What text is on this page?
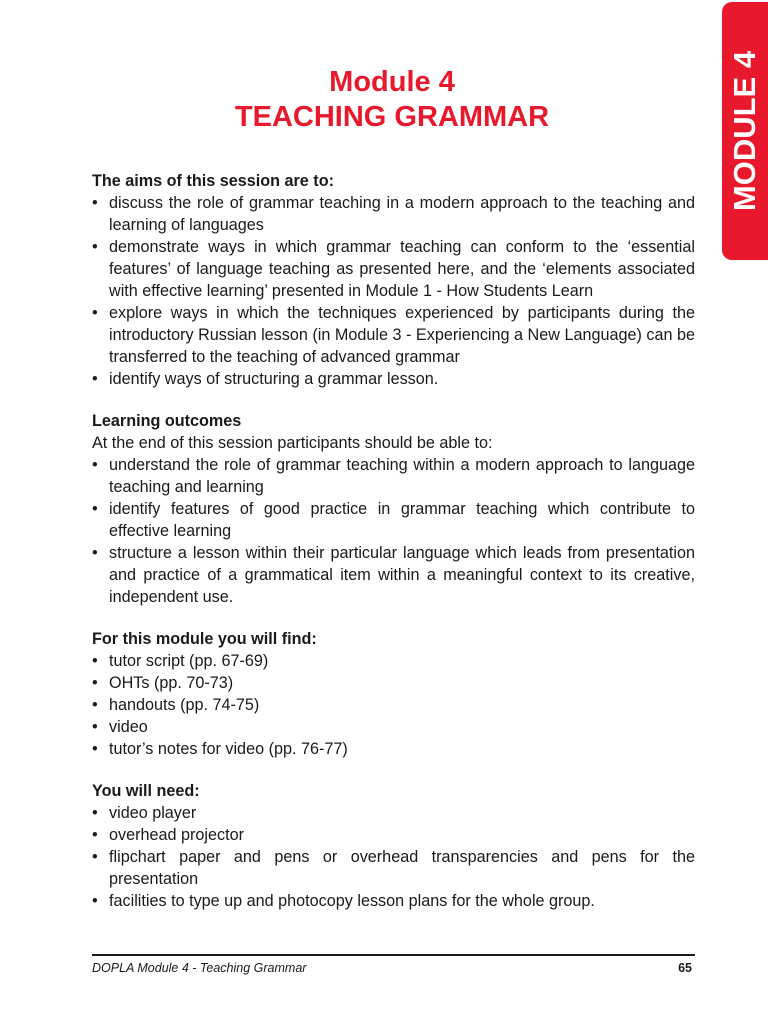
MODULE 4
Module 4
TEACHING GRAMMAR

The aims of this session are to:

• discuss the role of grammar teaching in a modern approach to the teaching and learning of languages
• demonstrate ways in which grammar teaching can conform to the ‘essential features’ of language teaching as presented here, and the ‘elements associated with effective learning’ presented in Module 1 - How Students Learn
• explore ways in which the techniques experienced by participants during the introductory Russian lesson (in Module 3 - Experiencing a New Language) can be transferred to the teaching of advanced grammar
• identify ways of structuring a grammar lesson.

Learning outcomes

At the end of this session participants should be able to:

• understand the role of grammar teaching within a modern approach to language teaching and learning
• identify features of good practice in grammar teaching which contribute to effective learning
• structure a lesson within their particular language which leads from presentation and practice of a grammatical item within a meaningful context to its creative, independent use.

For this module you will find:

• tutor script (pp. 67-69)
• OHTs (pp. 70-73)
• handouts (pp. 74-75)
• video
• tutor’s notes for video (pp. 76-77)

You will need:

• video player
• overhead projector
• flipchart paper and pens or overhead transparencies and pens for the presentation
• facilities to type up and photocopy lesson plans for the whole group.
DOPLA Module 4 - Teaching Grammar	65
